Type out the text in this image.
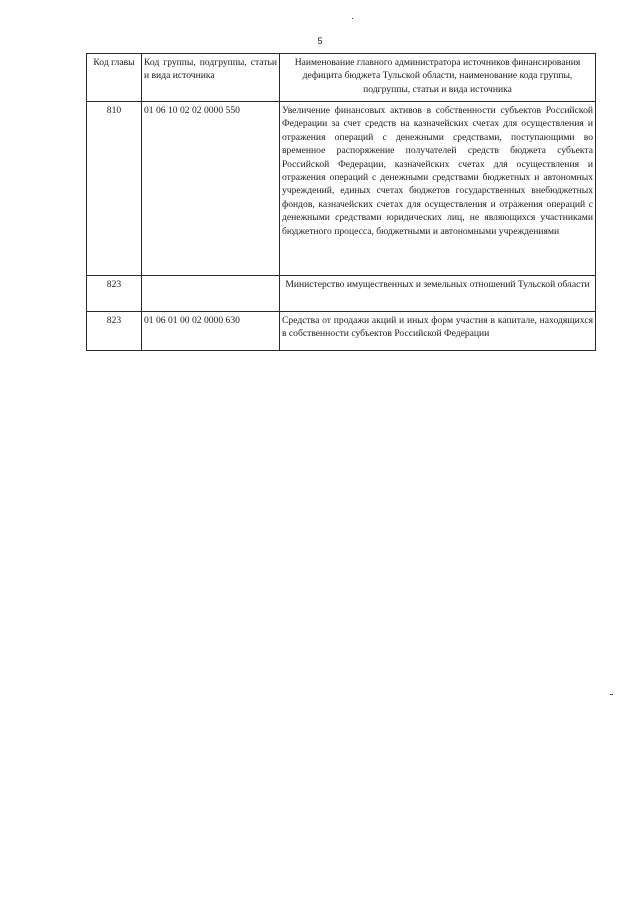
5
Код главы	Код группы, подгруппы, статьи и вида источника	Наименование главного администратора источников финансирования дефицита бюджета Тульской области, наименование кода группы, подгруппы, статьи и вида источника
810	01 06 10 02 02 0000 550	Увеличение финансовых активов в собственности субъектов Российской Федерации за счет средств на казначейских счетах для осуществления и отражения операций с денежными средствами, поступающими во временное распоряжение получателей средств бюджета субъекта Российской Федерации, казначейских счетах для осуществления и отражения операций с денежными средствами бюджетных и автономных учреждений, единых счетах бюджетов государственных внебюджетных фондов, казначейских счетах для осуществления и отражения операций с денежными средствами юридических лиц, не являющихся участниками бюджетного процесса, бюджетными и автономными учреждениями
823		Министерство имущественных и земельных отношений Тульской области
823	01 06 01 00 02 0000 630	Средства от продажи акций и иных форм участия в капитале, находящихся в собственности субъектов Российской Федерации
